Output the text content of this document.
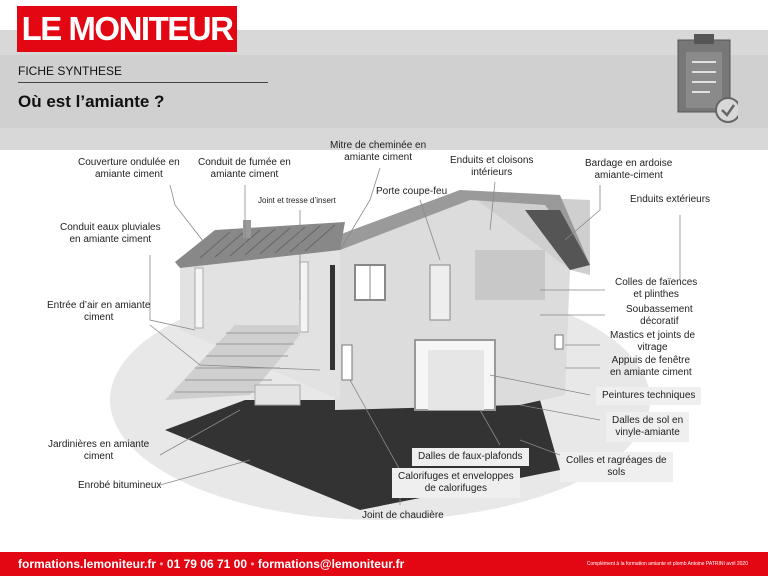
LE MONITEUR
FICHE SYNTHESE
Où est l’amiante ?
Couverture ondulée en
amiante ciment
Conduit de fumée en
amiante ciment
Mitre de cheminée en
amiante ciment	Enduits et cloisons
intérieurs
Bardage en ardoise
amiante-ciment
Joint et tresse d’insert
Porte coupe-feu
Enduits extérieurs
Conduit eaux pluviales
en amiante ciment
Colles de faïences
et plinthes
Entrée d’air en amiante
ciment
Soubassement
décoratif
Mastics et joints de
vitrage
Appuis de fenêtre
en amiante ciment
Peintures techniques
Dalles de sol en
vinyle-amiante
Jardinières en amiante
ciment	Dalles de faux-plafonds	Colles et ragréages de
sols
Enrobé bitumineux
Calorifuges et enveloppes
de calorifuges
Joint de chaudière
formations.lemoniteur.fr • 01 79 06 71 00 • formations@lemoniteur.fr	Complément à la formation amiante et plomb Antoine PATRINI avril 2020
